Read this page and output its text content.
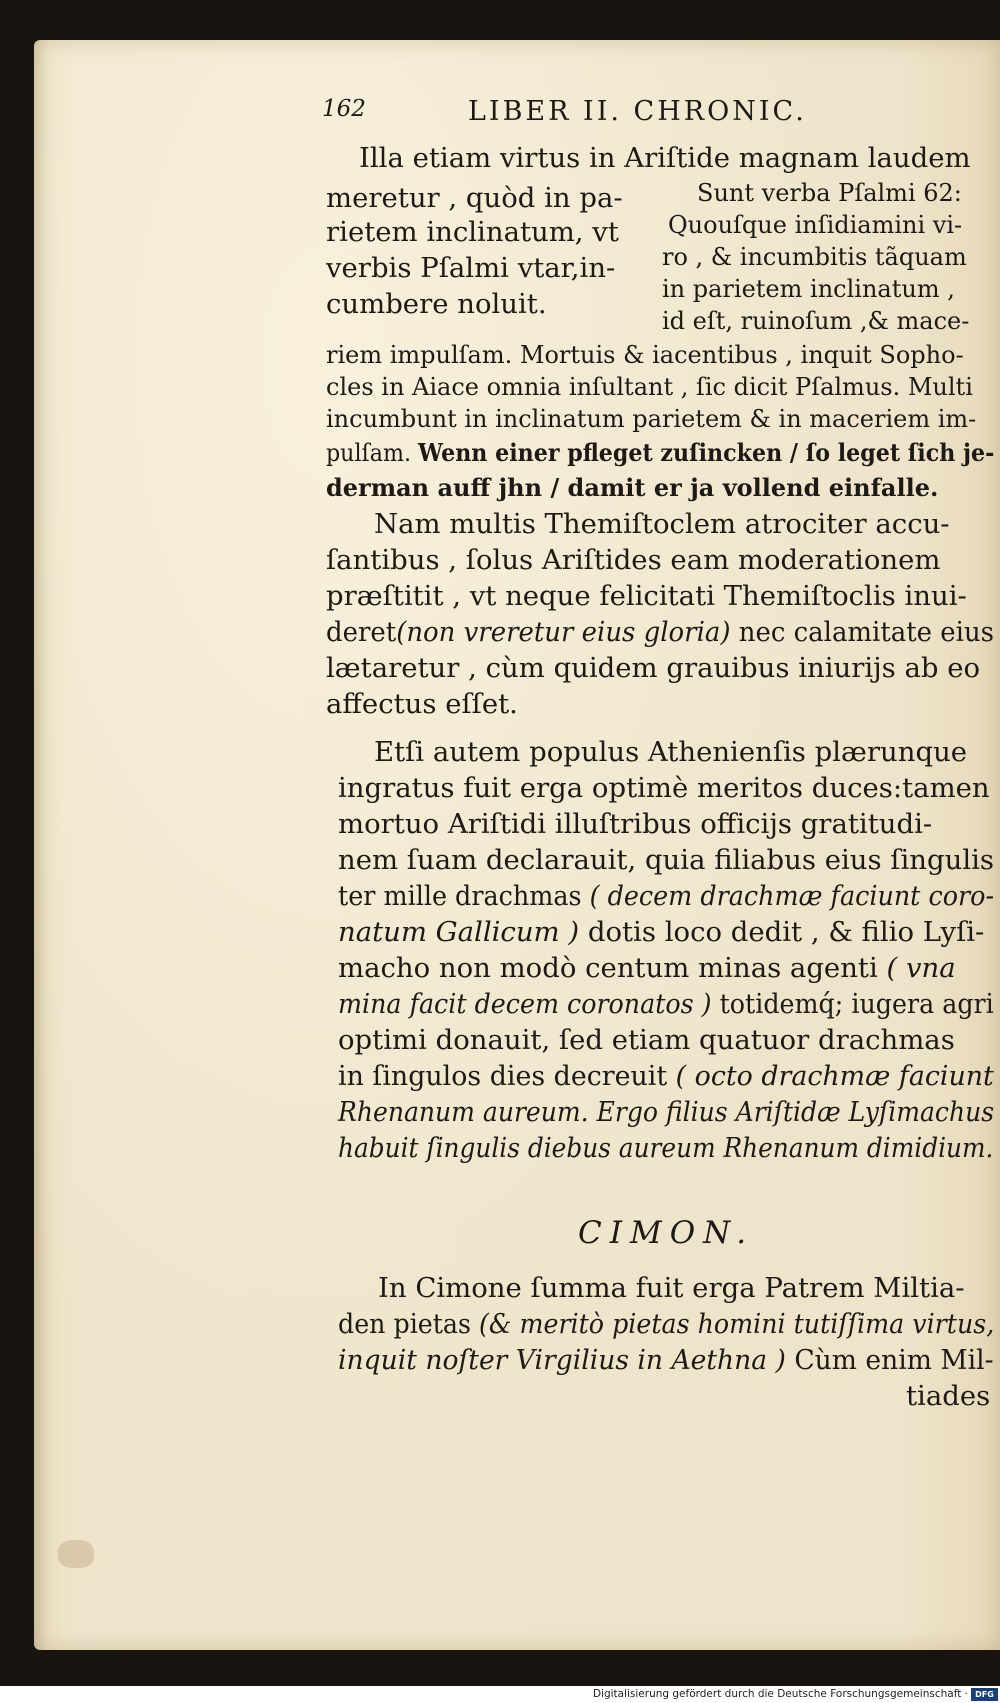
162	LIBER II. CHRONIC.
Illa etiam virtus in Ariſtide magnam laudem
meretur , quòd in pa-
rietem inclinatum, vt
verbis Pſalmi vtar,in-
cumbere noluit.
Sunt verba Pſalmi 62:
Quouſque inſidiamini vi-
ro , & incumbitis tãquam
in parietem inclinatum ,
id eſt, ruinoſum ,& mace-
riem impulſam. Mortuis & iacentibus , inquit Sopho-
cles in Aiace omnia inſultant , ſic dicit Pſalmus. Multi
incumbunt in inclinatum parietem & in maceriem im-
pulſam. Wenn einer pfleget zuſincken / ſo leget ſich je-
derman auff jhn / damit er ja vollend einfalle.
Nam multis Themiſtoclem atrociter accu-
ſantibus , ſolus Ariſtides eam moderationem
præſtitit , vt neque felicitati Themiſtoclis inui-
deret(non vreretur eius gloria) nec calamitate eius
lætaretur , cùm quidem grauibus iniurijs ab eo
affectus eſſet.
Etſi autem populus Athenienſis plærunque
ingratus fuit erga optimè meritos duces:tamen
mortuo Ariſtidi illuſtribus officijs gratitudi-
nem ſuam declarauit, quia filiabus eius ſingulis
ter mille drachmas ( decem drachmæ faciunt coro-
natum Gallicum ) dotis loco dedit , & filio Lyſi-
macho non modò centum minas agenti ( vna
mina facit decem coronatos ) totidemq́; iugera agri
optimi donauit, ſed etiam quatuor drachmas
in ſingulos dies decreuit ( octo drachmæ faciunt
Rhenanum aureum. Ergo filius Ariſtidæ Lyſimachus
habuit ſingulis diebus aureum Rhenanum dimidium.
In Cimone ſumma fuit erga Patrem Miltia-
den pietas (& meritò pietas homini tutiſſima virtus,
inquit noſter Virgilius in Aethna ) Cùm enim Mil-
tiades
CIMON.
Digitalisierung gefördert durch die Deutsche Forschungsgemeinschaft · DFG
